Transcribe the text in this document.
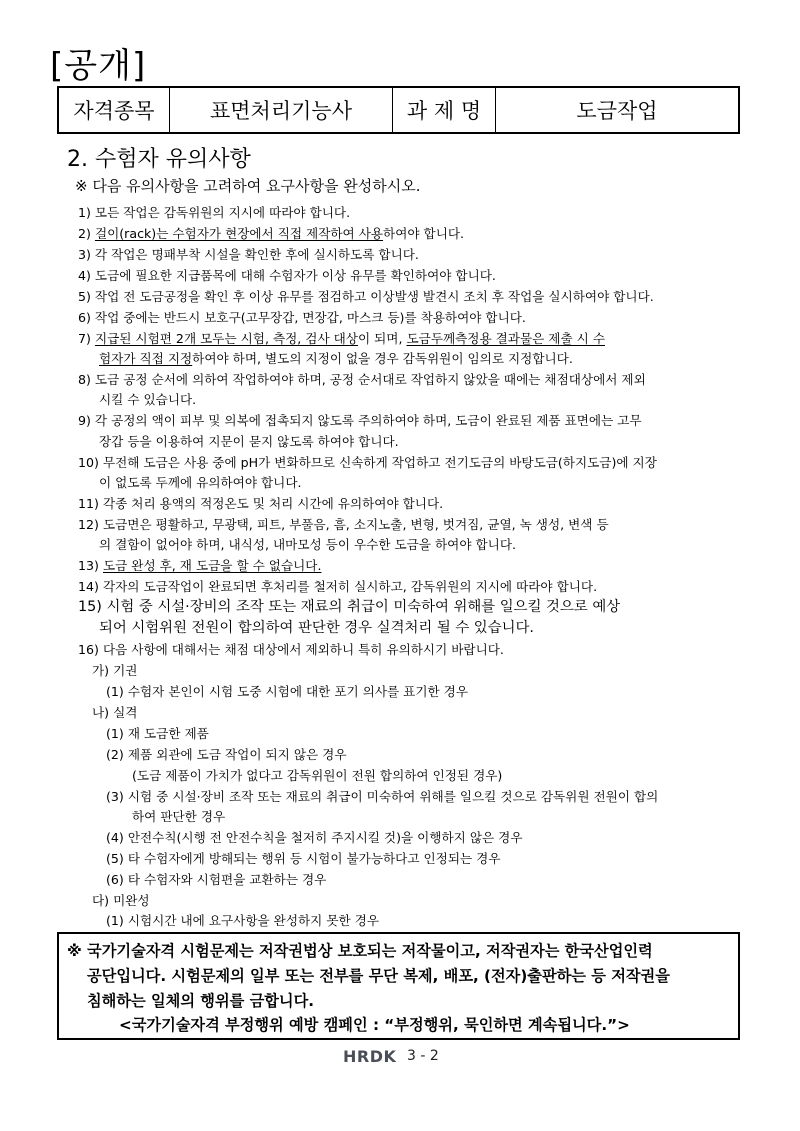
[공개]
자격종목	표면처리기능사	과 제 명	도금작업
2. 수험자 유의사항
※ 다음 유의사항을 고려하여 요구사항을 완성하시오.
1) 모든 작업은 감독위원의 지시에 따라야 합니다.
2) 걸이(rack)는 수험자가 현장에서 직접 제작하여 사용하여야 합니다.
3) 각 작업은 명패부착 시설을 확인한 후에 실시하도록 합니다.
4) 도금에 필요한 지급품목에 대해 수험자가 이상 유무를 확인하여야 합니다.
5) 작업 전 도금공정을 확인 후 이상 유무를 점검하고 이상발생 발견시 조치 후 작업을 실시하여야 합니다.
6) 작업 중에는 반드시 보호구(고무장갑, 면장갑, 마스크 등)를 착용하여야 합니다.
7) 지급된 시험편 2개 모두는 시험, 측정, 검사 대상이 되며, 도금두께측정용 결과물은 제출 시 수
험자가 직접 지정하여야 하며, 별도의 지정이 없을 경우 감독위원이 임의로 지정합니다.
8) 도금 공정 순서에 의하여 작업하여야 하며, 공정 순서대로 작업하지 않았을 때에는 채점대상에서 제외
시킬 수 있습니다.
9) 각 공정의 액이 피부 및 의복에 접촉되지 않도록 주의하여야 하며, 도금이 완료된 제품 표면에는 고무
장갑 등을 이용하여 지문이 묻지 않도록 하여야 합니다.
10) 무전해 도금은 사용 중에 pH가 변화하므로 신속하게 작업하고 전기도금의 바탕도금(하지도금)에 지장
이 없도록 두께에 유의하여야 합니다.
11) 각종 처리 용액의 적정온도 및 처리 시간에 유의하여야 합니다.
12) 도금면은 평활하고, 무광택, 피트, 부풀음, 흠, 소지노출, 변형, 벗겨짐, 균열, 녹 생성, 변색 등
의 결함이 없어야 하며, 내식성, 내마모성 등이 우수한 도금을 하여야 합니다.
13) 도금 완성 후, 재 도금을 할 수 없습니다.
14) 각자의 도금작업이 완료되면 후처리를 철저히 실시하고, 감독위원의 지시에 따라야 합니다.
15) 시험 중 시설·장비의 조작 또는 재료의 취급이 미숙하여 위해를 일으킬 것으로 예상
되어 시험위원 전원이 합의하여 판단한 경우 실격처리 될 수 있습니다.
16) 다음 사항에 대해서는 채점 대상에서 제외하니 특히 유의하시기 바랍니다.
가) 기권
(1) 수험자 본인이 시험 도중 시험에 대한 포기 의사를 표기한 경우
나) 실격
(1) 재 도금한 제품
(2) 제품 외관에 도금 작업이 되지 않은 경우
(도금 제품이 가치가 없다고 감독위원이 전원 합의하여 인정된 경우)
(3) 시험 중 시설·장비 조작 또는 재료의 취급이 미숙하여 위해를 일으킬 것으로 감독위원 전원이 합의
하여 판단한 경우
(4) 안전수칙(시행 전 안전수칙을 철저히 주지시킬 것)을 이행하지 않은 경우
(5) 타 수험자에게 방해되는 행위 등 시험이 불가능하다고 인정되는 경우
(6) 타 수험자와 시험편을 교환하는 경우
다) 미완성
(1) 시험시간 내에 요구사항을 완성하지 못한 경우
※ 국가기술자격 시험문제는 저작권법상 보호되는 저작물이고, 저작권자는 한국산업인력
공단입니다. 시험문제의 일부 또는 전부를 무단 복제, 배포, (전자)출판하는 등 저작권을
침해하는 일체의 행위를 금합니다.
<국가기술자격 부정행위 예방 캠페인 : “부정행위, 묵인하면 계속됩니다.”>
HRDK 3 - 2
